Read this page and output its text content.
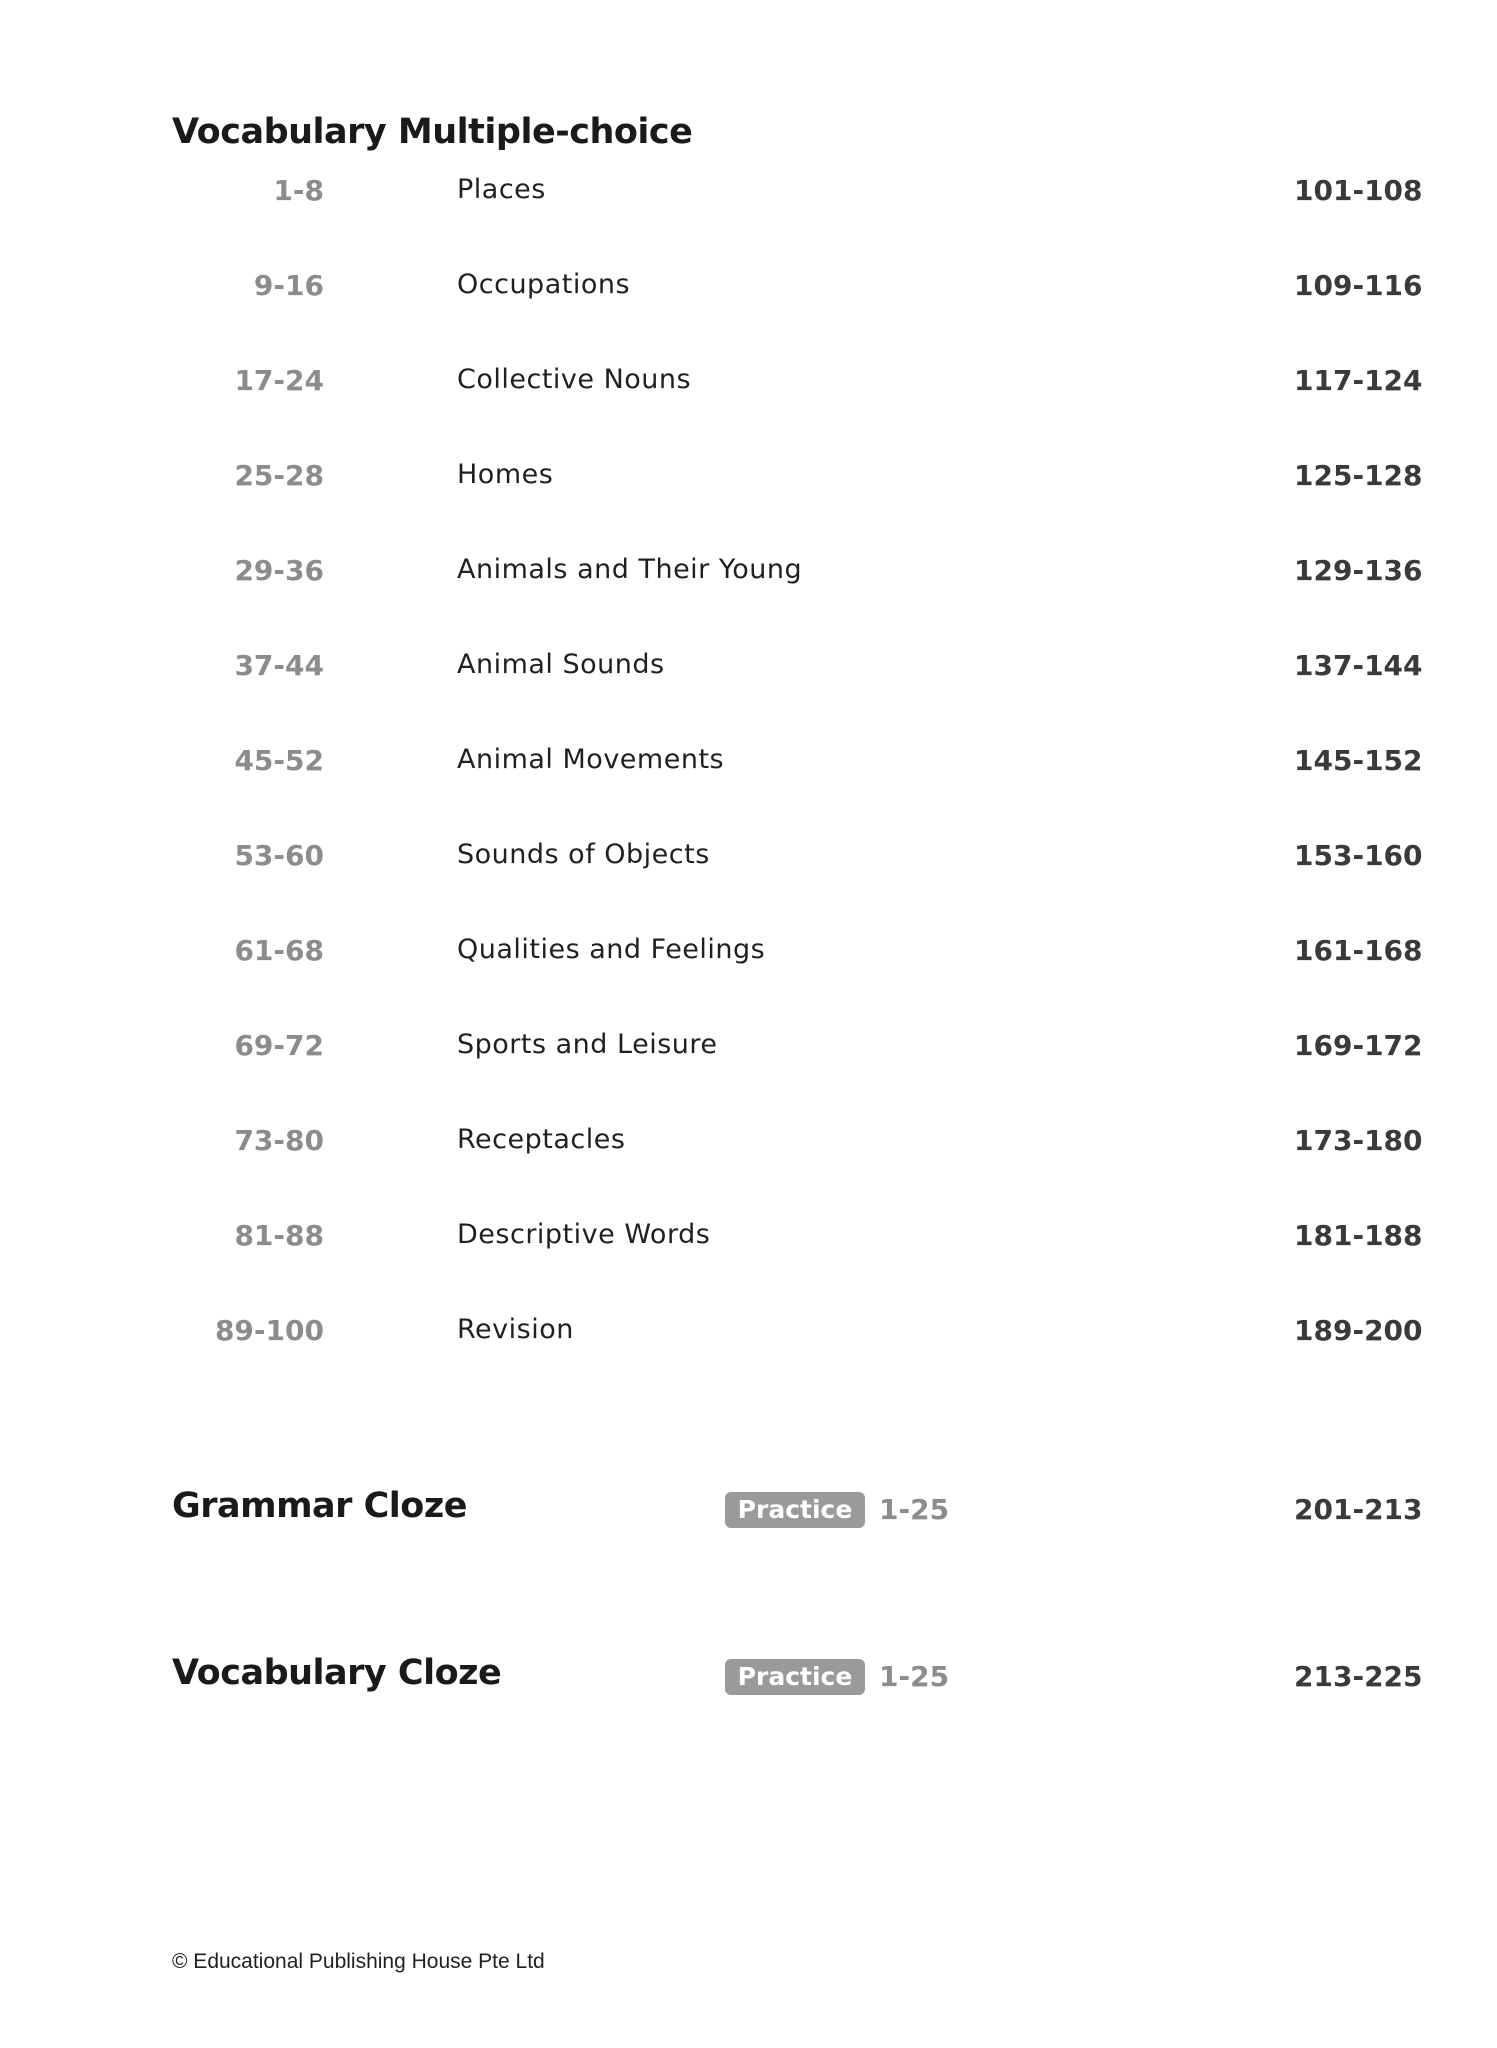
Vocabulary Multiple-choice
1-8	Places	101-108
9-16	Occupations	109-116
17-24	Collective Nouns	117-124
25-28	Homes	125-128
29-36	Animals and Their Young	129-136
37-44	Animal Sounds	137-144
45-52	Animal Movements	145-152
53-60	Sounds of Objects	153-160
61-68	Qualities and Feelings	161-168
69-72	Sports and Leisure	169-172
73-80	Receptacles	173-180
81-88	Descriptive Words	181-188
89-100	Revision	189-200
Grammar Cloze	Practice 1-25	201-213
Vocabulary Cloze	Practice 1-25	213-225
© Educational Publishing House Pte Ltd
